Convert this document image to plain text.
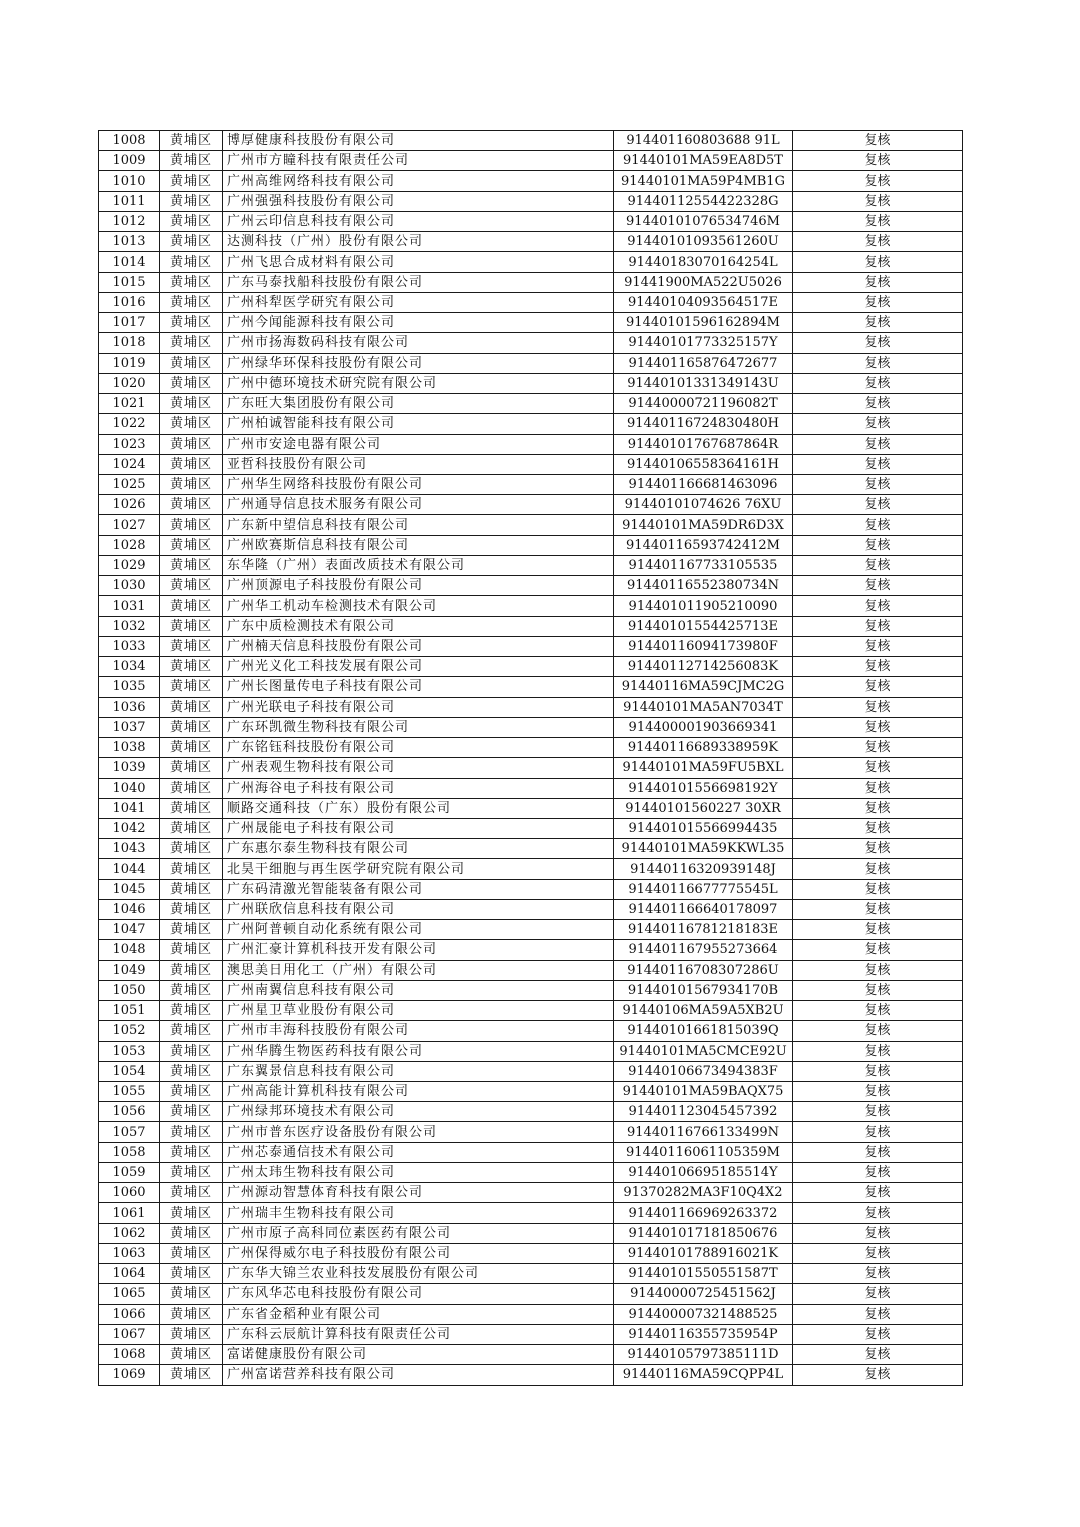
1008	黄埔区	博厚健康科技股份有限公司	914401160803688 91L	复核
1009	黄埔区	广州市方瞳科技有限责任公司	91440101MA59EA8D5T	复核
1010	黄埔区	广州高维网络科技有限公司	91440101MA59P4MB1G	复核
1011	黄埔区	广州强强科技股份有限公司	91440112554422328G	复核
1012	黄埔区	广州云印信息科技有限公司	91440101076534746M	复核
1013	黄埔区	达测科技（广州）股份有限公司	91440101093561260U	复核
1014	黄埔区	广州飞思合成材料有限公司	91440183070164254L	复核
1015	黄埔区	广东马泰找船科技股份有限公司	91441900MA522U5026	复核
1016	黄埔区	广州科犁医学研究有限公司	91440104093564517E	复核
1017	黄埔区	广州今闻能源科技有限公司	91440101596162894M	复核
1018	黄埔区	广州市扬海数码科技有限公司	91440101773325157Y	复核
1019	黄埔区	广州绿华环保科技股份有限公司	914401165876472677	复核
1020	黄埔区	广州中德环境技术研究院有限公司	91440101331349143U	复核
1021	黄埔区	广东旺大集团股份有限公司	91440000721196082T	复核
1022	黄埔区	广州柏诚智能科技有限公司	91440116724830480H	复核
1023	黄埔区	广州市安途电器有限公司	91440101767687864R	复核
1024	黄埔区	亚哲科技股份有限公司	91440106558364161H	复核
1025	黄埔区	广州华生网络科技股份有限公司	914401166681463096	复核
1026	黄埔区	广州通导信息技术服务有限公司	91440101074626 76XU	复核
1027	黄埔区	广东新中望信息科技有限公司	91440101MA59DR6D3X	复核
1028	黄埔区	广州欧赛斯信息科技有限公司	91440116593742412M	复核
1029	黄埔区	东华隆（广州）表面改质技术有限公司	914401167733105535	复核
1030	黄埔区	广州顶源电子科技股份有限公司	91440116552380734N	复核
1031	黄埔区	广州华工机动车检测技术有限公司	914401011905210090	复核
1032	黄埔区	广东中质检测技术有限公司	91440101554425713E	复核
1033	黄埔区	广州楠天信息科技股份有限公司	91440116094173980F	复核
1034	黄埔区	广州光义化工科技发展有限公司	91440112714256083K	复核
1035	黄埔区	广州长图量传电子科技有限公司	91440116MA59CJMC2G	复核
1036	黄埔区	广州光联电子科技有限公司	91440101MA5AN7034T	复核
1037	黄埔区	广东环凯微生物科技有限公司	914400001903669341	复核
1038	黄埔区	广东铭钰科技股份有限公司	91440116689338959K	复核
1039	黄埔区	广州表观生物科技有限公司	91440101MA59FU5BXL	复核
1040	黄埔区	广州海谷电子科技有限公司	91440101556698192Y	复核
1041	黄埔区	顺路交通科技（广东）股份有限公司	91440101560227 30XR	复核
1042	黄埔区	广州晟能电子科技有限公司	914401015566994435	复核
1043	黄埔区	广东惠尔泰生物科技有限公司	91440101MA59KKWL35	复核
1044	黄埔区	北昊干细胞与再生医学研究院有限公司	91440116320939148J	复核
1045	黄埔区	广东码清激光智能装备有限公司	91440116677775545L	复核
1046	黄埔区	广州联欣信息科技有限公司	914401166640178097	复核
1047	黄埔区	广州阿普顿自动化系统有限公司	91440116781218183E	复核
1048	黄埔区	广州汇豪计算机科技开发有限公司	914401167955273664	复核
1049	黄埔区	澳思美日用化工（广州）有限公司	91440116708307286U	复核
1050	黄埔区	广州南翼信息科技有限公司	91440101567934170B	复核
1051	黄埔区	广州星卫草业股份有限公司	91440106MA59A5XB2U	复核
1052	黄埔区	广州市丰海科技股份有限公司	91440101661815039Q	复核
1053	黄埔区	广州华腾生物医药科技有限公司	91440101MA5CMCE92U	复核
1054	黄埔区	广东翼景信息科技有限公司	91440106673494383F	复核
1055	黄埔区	广州高能计算机科技有限公司	91440101MA59BAQX75	复核
1056	黄埔区	广州绿邦环境技术有限公司	914401123045457392	复核
1057	黄埔区	广州市普东医疗设备股份有限公司	91440116766133499N	复核
1058	黄埔区	广州芯泰通信技术有限公司	91440116061105359M	复核
1059	黄埔区	广州太玮生物科技有限公司	91440106695185514Y	复核
1060	黄埔区	广州源动智慧体育科技有限公司	91370282MA3F10Q4X2	复核
1061	黄埔区	广州瑞丰生物科技有限公司	914401166969263372	复核
1062	黄埔区	广州市原子高科同位素医药有限公司	914401017181850676	复核
1063	黄埔区	广州保得威尔电子科技股份有限公司	91440101788916021K	复核
1064	黄埔区	广东华大锦兰农业科技发展股份有限公司	91440101550551587T	复核
1065	黄埔区	广东风华芯电科技股份有限公司	91440000725451562J	复核
1066	黄埔区	广东省金稻种业有限公司	914400007321488525	复核
1067	黄埔区	广东科云辰航计算科技有限责任公司	91440116355735954P	复核
1068	黄埔区	富诺健康股份有限公司	91440105797385111D	复核
1069	黄埔区	广州富诺营养科技有限公司	91440116MA59CQPP4L	复核
